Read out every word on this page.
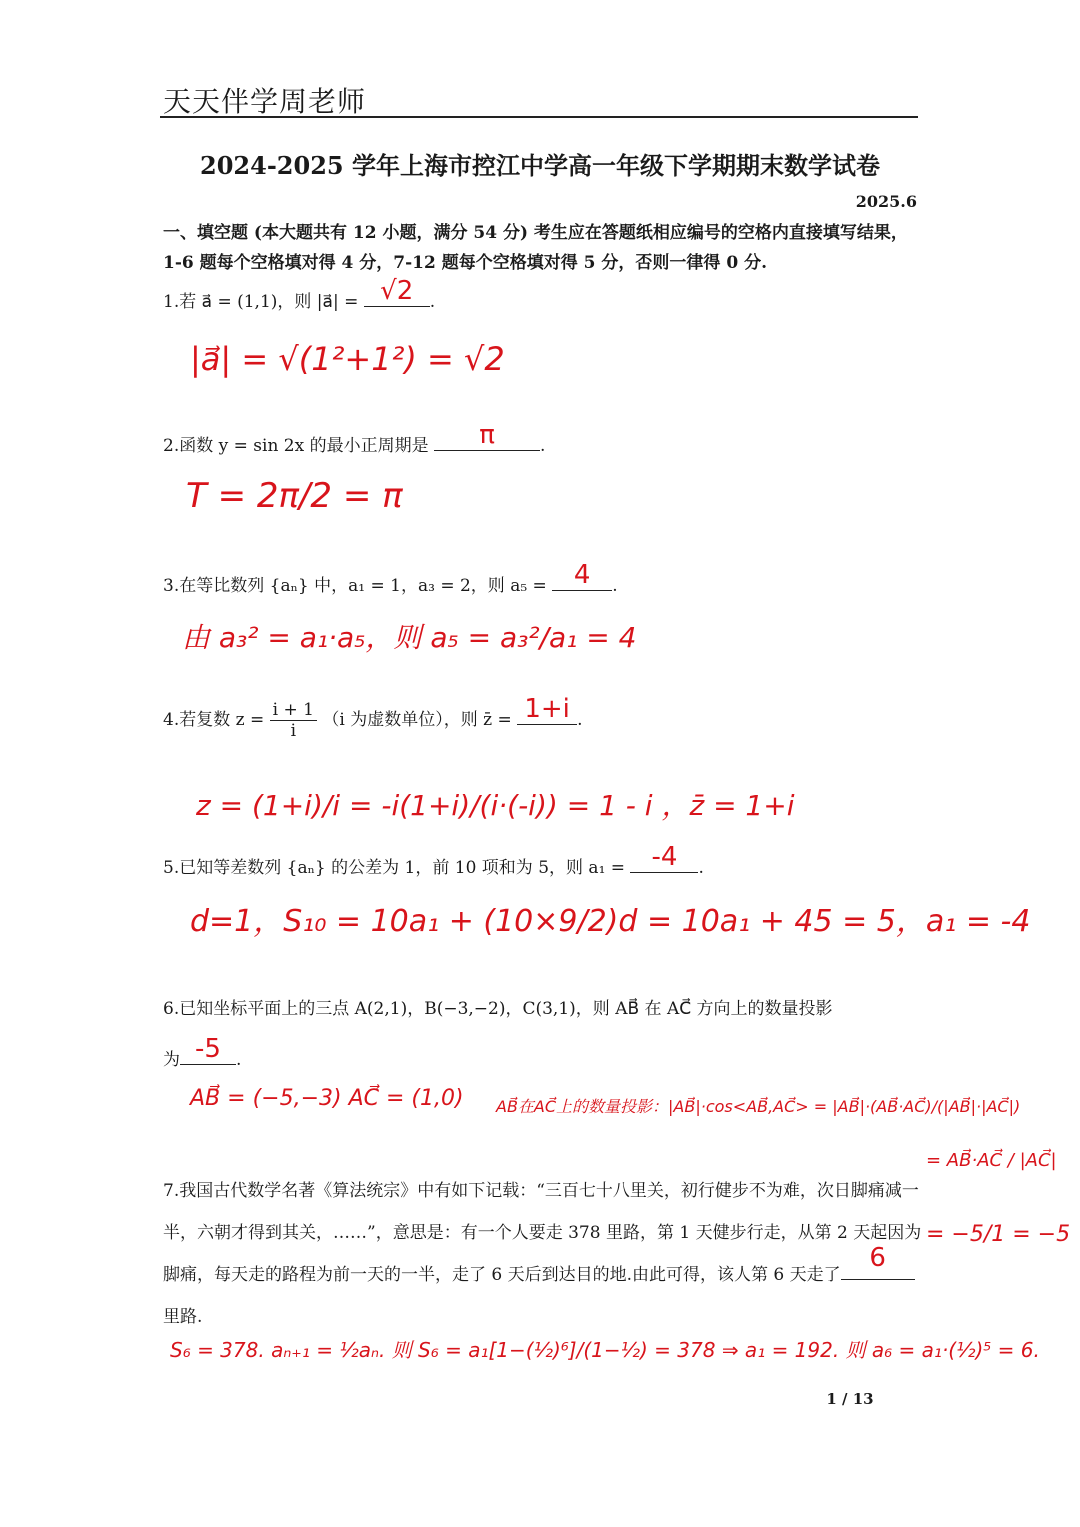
天天伴学周老师
2024-2025 学年上海市控江中学高一年级下学期期末数学试卷
2025.6
一、填空题 (本大题共有 12 小题，满分 54 分) 考生应在答题纸相应编号的空格内直接填写结果，1-6 题每个空格填对得 4 分，7-12 题每个空格填对得 5 分，否则一律得 0 分.
1.若 a⃗ = (1,1)，则 |a⃗| = √2 .
|a⃗| = √(1²+1²) = √2
2.函数 y = sin 2x 的最小正周期是 π	.
T = 2π/2 = π
3.在等比数列 {aₙ} 中，a₁ = 1，a₃ = 2，则 a₅ = 4 .
由 a₃² = a₁·a₅，则 a₅ = a₃²/a₁ = 4
4.若复数 $z = \frac{i + 1}{i} (i$ 为虚数单位），则 z̄ = 1+i .
z = (1+i)/i = -i(1+i)/(i·(-i)) = 1 - i ，z̄ = 1+i
5.已知等差数列 {aₙ} 的公差为 1，前 10 项和为 5，则 a₁ = -4 .
d=1，S₁₀ = 10a₁ + (10×9/2)d = 10a₁ + 45 = 5，a₁ = -4
6.已知坐标平面上的三点 A(2,1)，B(−3,−2)，C(3,1)，则 AB⃗ 在 AC⃗ 方向上的数量投影
为 -5 .
AB⃗ = (−5,−3) AC⃗ = (1,0) AB⃗在AC⃗上的数量投影：|AB⃗|·cos<AB⃗,AC⃗> = |AB⃗|·(AB⃗·AC⃗)/(|AB⃗|·|AC⃗|)
= AB⃗·AC⃗ / |AC⃗|
= −5/1 = −5
7.我国古代数学名著《算法统宗》中有如下记载：“三百七十八里关，初行健步不为难，次日脚痛减一半，六朝才得到其关，……”，意思是：有一个人要走 378 里路，第 1 天健步行走，从第 2 天起因为脚痛，每天走的路程为前一天的一半，走了 6 天后到达目的地.由此可得，该人第 6 天走了
6
里路.
S₆ = 378. aₙ₊₁ = ½aₙ. 则 S₆ = a₁[1−(½)⁶]/(1−½) = 378 ⇒ a₁ = 192. 则 a₆ = a₁·(½)⁵ = 6.
1 / 13
